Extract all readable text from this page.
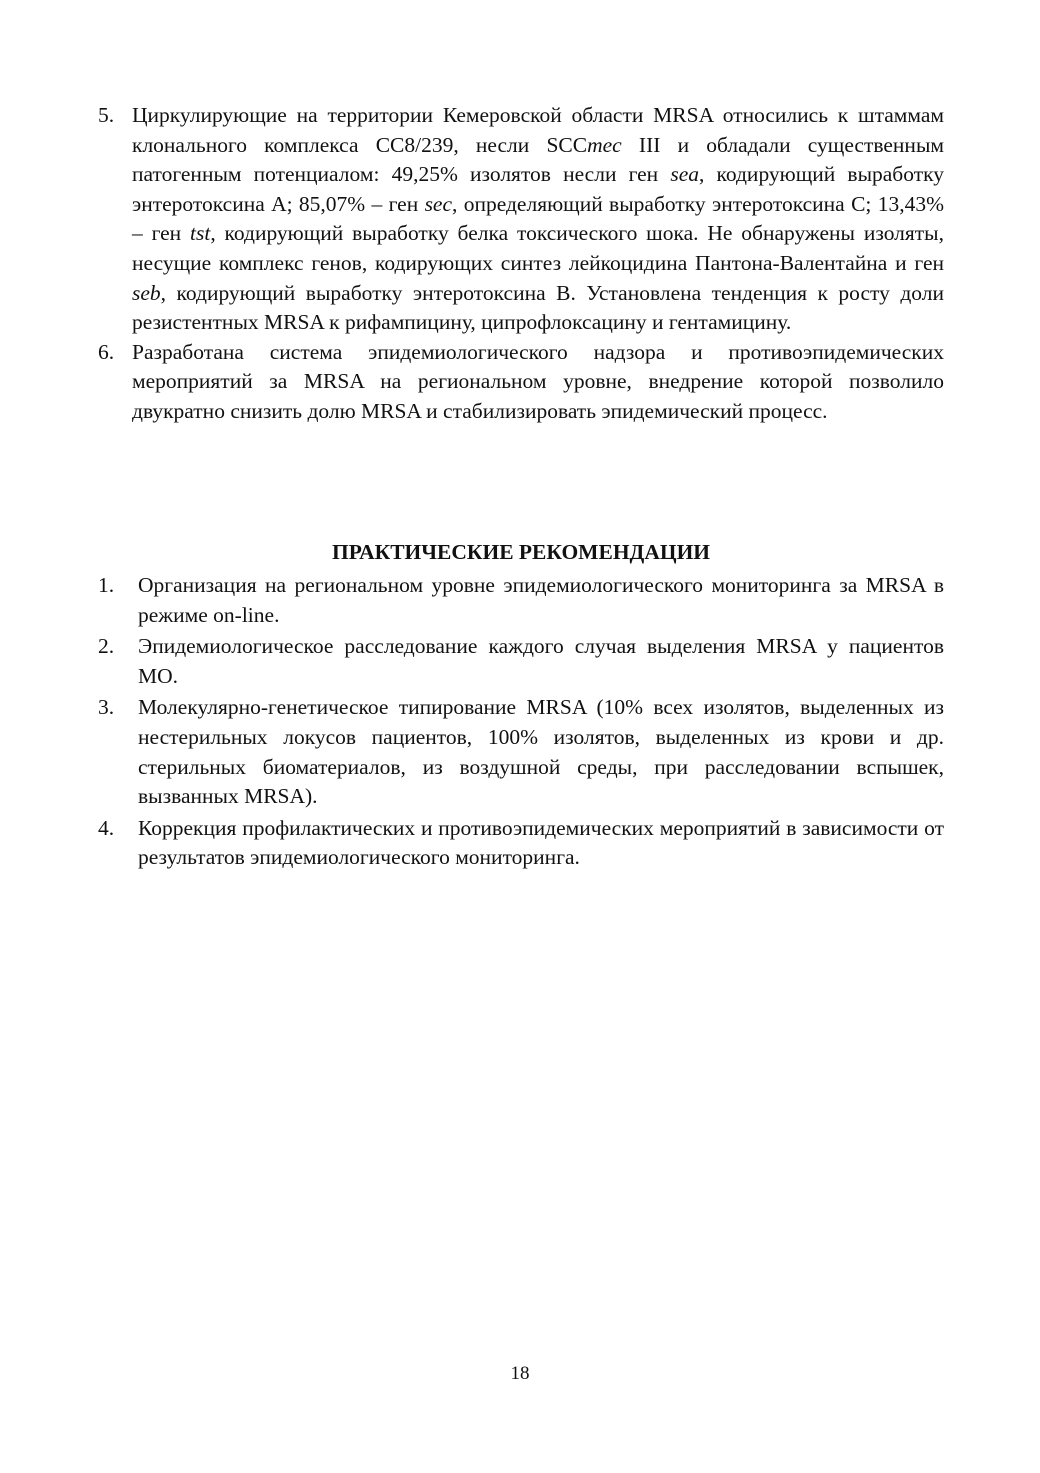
5. Циркулирующие на территории Кемеровской области MRSA относились к штаммам клонального комплекса CC8/239, несли SCCmec III и обладали существенным патогенным потенциалом: 49,25% изолятов несли ген sea, кодирующий выработку энтеротоксина A; 85,07% – ген sec, определяющий выработку энтеротоксина C; 13,43% – ген tst, кодирующий выработку белка токсического шока. Не обнаружены изоляты, несущие комплекс генов, кодирующих синтез лейкоцидина Пантона-Валентайна и ген seb, кодирующий выработку энтеротоксина B. Установлена тенденция к росту доли резистентных MRSA к рифампицину, ципрофлоксацину и гентамицину.
6. Разработана система эпидемиологического надзора и противоэпидемических мероприятий за MRSA на региональном уровне, внедрение которой позволило двукратно снизить долю MRSA и стабилизировать эпидемический процесс.
ПРАКТИЧЕСКИЕ РЕКОМЕНДАЦИИ
1. Организация на региональном уровне эпидемиологического мониторинга за MRSA в режиме on-line.
2. Эпидемиологическое расследование каждого случая выделения MRSA у пациентов МО.
3. Молекулярно-генетическое типирование MRSA (10% всех изолятов, выделенных из нестерильных локусов пациентов, 100% изолятов, выделенных из крови и др. стерильных биоматериалов, из воздушной среды, при расследовании вспышек, вызванных MRSA).
4. Коррекция профилактических и противоэпидемических мероприятий в зависимости от результатов эпидемиологического мониторинга.
18
